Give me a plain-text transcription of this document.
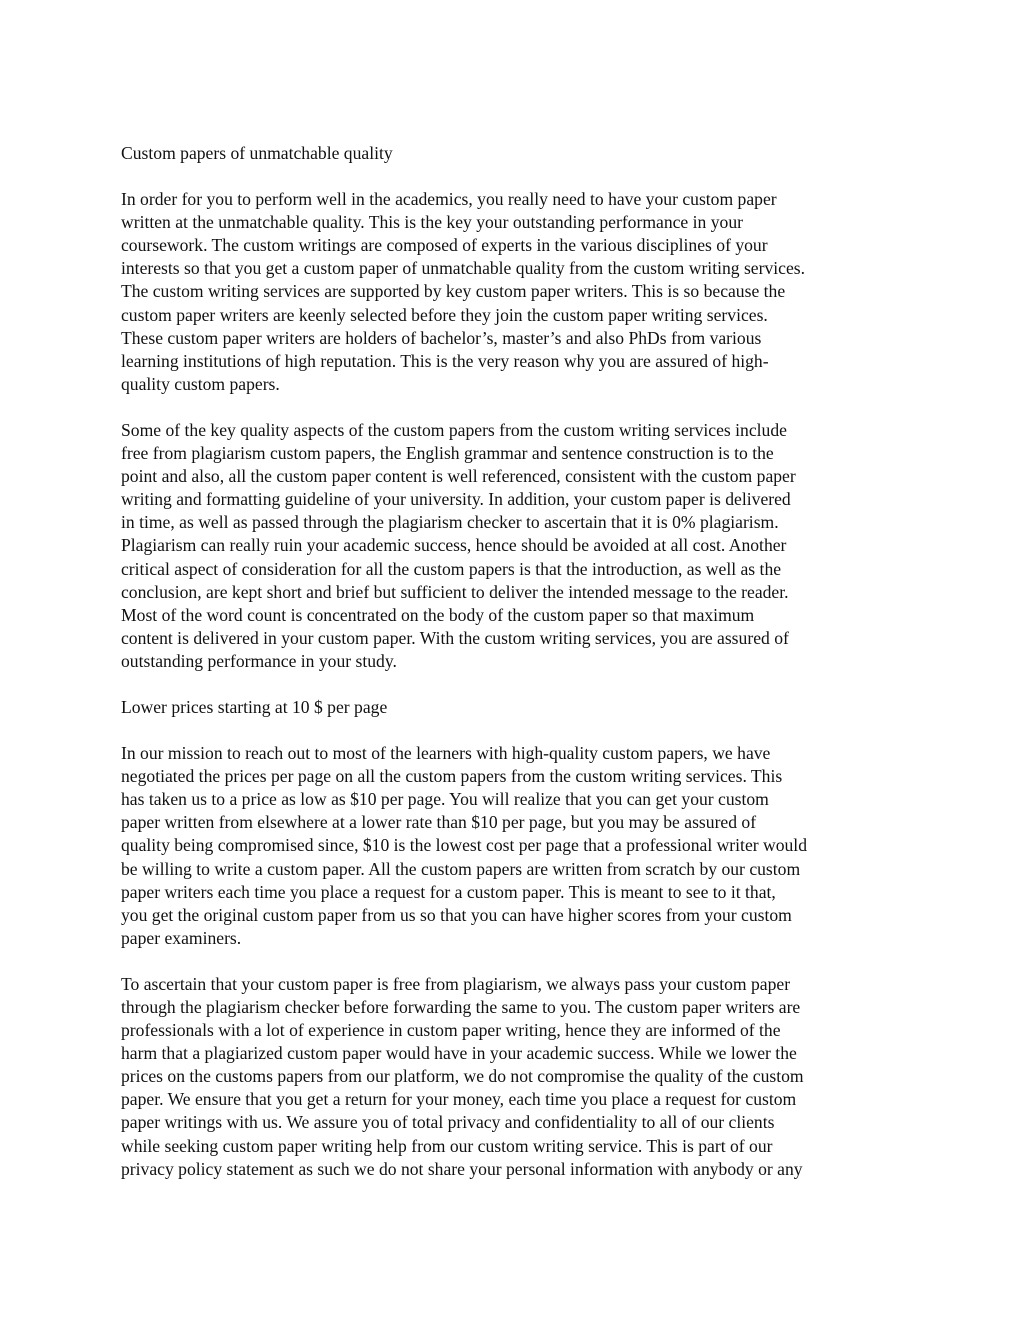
Custom papers of unmatchable quality

In order for you to perform well in the academics, you really need to have your custom paper
written at the unmatchable quality. This is the key your outstanding performance in your
coursework. The custom writings are composed of experts in the various disciplines of your
interests so that you get a custom paper of unmatchable quality from the custom writing services.
The custom writing services are supported by key custom paper writers. This is so because the
custom paper writers are keenly selected before they join the custom paper writing services.
These custom paper writers are holders of bachelor’s, master’s and also PhDs from various
learning institutions of high reputation. This is the very reason why you are assured of high-
quality custom papers.

Some of the key quality aspects of the custom papers from the custom writing services include
free from plagiarism custom papers, the English grammar and sentence construction is to the
point and also, all the custom paper content is well referenced, consistent with the custom paper
writing and formatting guideline of your university. In addition, your custom paper is delivered
in time, as well as passed through the plagiarism checker to ascertain that it is 0% plagiarism.
Plagiarism can really ruin your academic success, hence should be avoided at all cost. Another
critical aspect of consideration for all the custom papers is that the introduction, as well as the
conclusion, are kept short and brief but sufficient to deliver the intended message to the reader.
Most of the word count is concentrated on the body of the custom paper so that maximum
content is delivered in your custom paper. With the custom writing services, you are assured of
outstanding performance in your study.

Lower prices starting at 10 $ per page

In our mission to reach out to most of the learners with high-quality custom papers, we have
negotiated the prices per page on all the custom papers from the custom writing services. This
has taken us to a price as low as $10 per page. You will realize that you can get your custom
paper written from elsewhere at a lower rate than $10 per page, but you may be assured of
quality being compromised since, $10 is the lowest cost per page that a professional writer would
be willing to write a custom paper. All the custom papers are written from scratch by our custom
paper writers each time you place a request for a custom paper. This is meant to see to it that,
you get the original custom paper from us so that you can have higher scores from your custom
paper examiners.

To ascertain that your custom paper is free from plagiarism, we always pass your custom paper
through the plagiarism checker before forwarding the same to you. The custom paper writers are
professionals with a lot of experience in custom paper writing, hence they are informed of the
harm that a plagiarized custom paper would have in your academic success. While we lower the
prices on the customs papers from our platform, we do not compromise the quality of the custom
paper. We ensure that you get a return for your money, each time you place a request for custom
paper writings with us. We assure you of total privacy and confidentiality to all of our clients
while seeking custom paper writing help from our custom writing service. This is part of our
privacy policy statement as such we do not share your personal information with anybody or any
